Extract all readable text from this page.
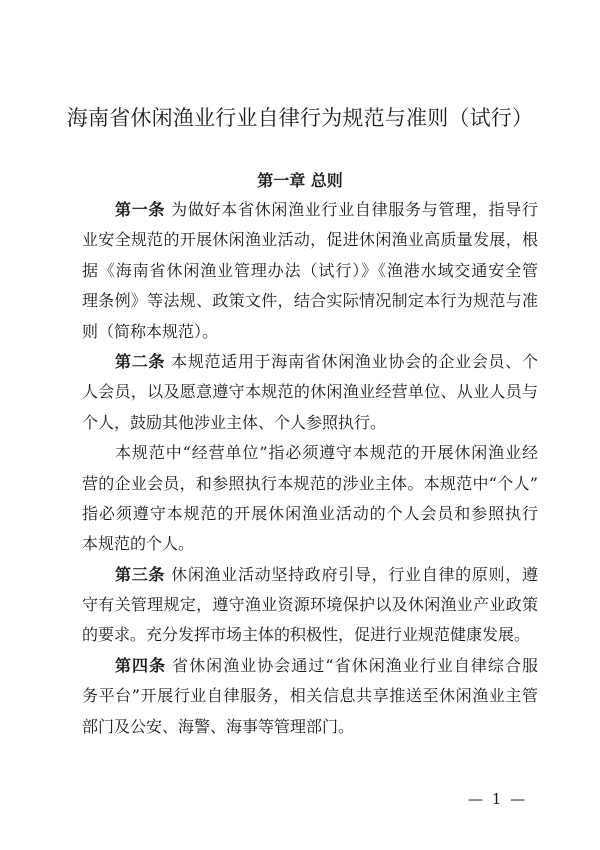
海南省休闲渔业行业自律行为规范与准则（试行）
第一章 总则
第一条 为做好本省休闲渔业行业自律服务与管理，指导行
业安全规范的开展休闲渔业活动，促进休闲渔业高质量发展，根
据《海南省休闲渔业管理办法（试行）》《渔港水域交通安全管
理条例》等法规、政策文件，结合实际情况制定本行为规范与准
则（简称本规范）。
第二条 本规范适用于海南省休闲渔业协会的企业会员、个
人会员，以及愿意遵守本规范的休闲渔业经营单位、从业人员与
个人，鼓励其他涉业主体、个人参照执行。
本规范中“经营单位”指必须遵守本规范的开展休闲渔业经
营的企业会员，和参照执行本规范的涉业主体。本规范中“个人”
指必须遵守本规范的开展休闲渔业活动的个人会员和参照执行
本规范的个人。
第三条 休闲渔业活动坚持政府引导，行业自律的原则，遵
守有关管理规定，遵守渔业资源环境保护以及休闲渔业产业政策
的要求。充分发挥市场主体的积极性，促进行业规范健康发展。
第四条 省休闲渔业协会通过“省休闲渔业行业自律综合服
务平台”开展行业自律服务，相关信息共享推送至休闲渔业主管
部门及公安、海警、海事等管理部门。
— 1 —
